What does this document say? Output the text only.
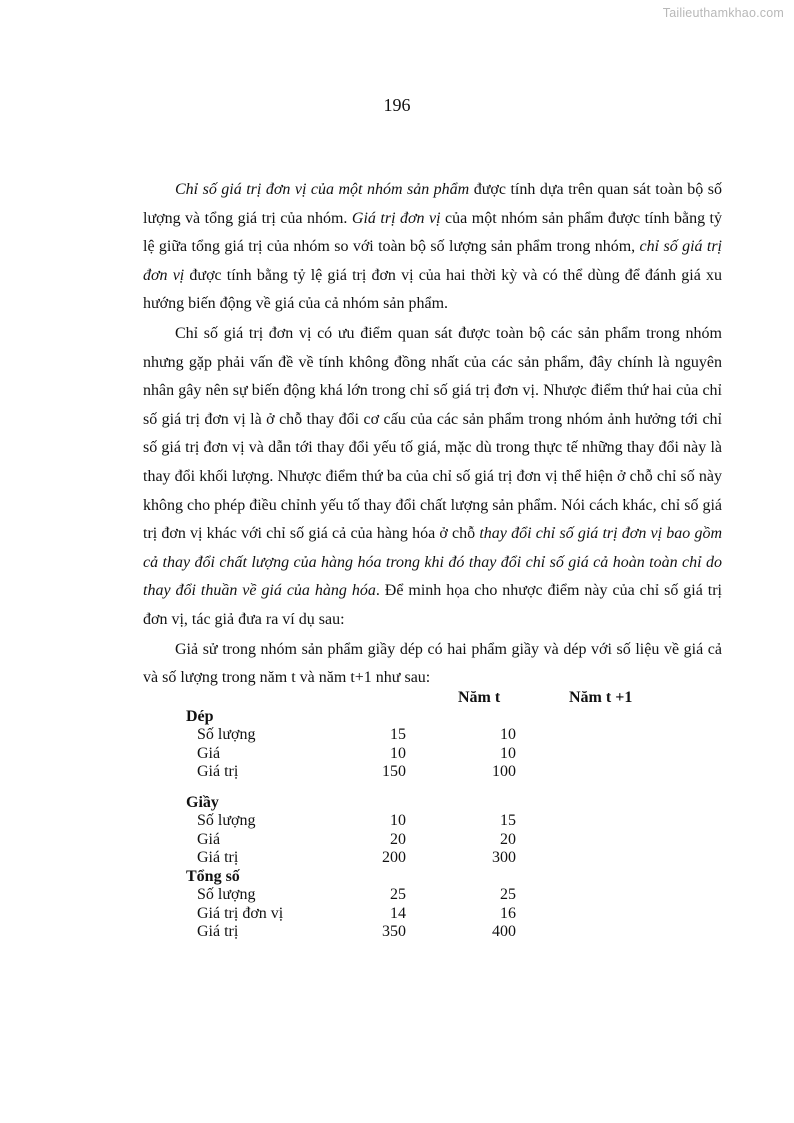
Tailieuthamkhao.com
196

Chỉ số giá trị đơn vị của một nhóm sản phẩm được tính dựa trên quan sát toàn bộ số lượng và tổng giá trị của nhóm. Giá trị đơn vị của một nhóm sản phẩm được tính bằng tỷ lệ giữa tổng giá trị của nhóm so với toàn bộ số lượng sản phẩm trong nhóm, chỉ số giá trị đơn vị được tính bằng tỷ lệ giá trị đơn vị của hai thời kỳ và có thể dùng để đánh giá xu hướng biến động về giá của cả nhóm sản phẩm.

Chỉ số giá trị đơn vị có ưu điểm quan sát được toàn bộ các sản phẩm trong nhóm nhưng gặp phải vấn đề về tính không đồng nhất của các sản phẩm, đây chính là nguyên nhân gây nên sự biến động khá lớn trong chỉ số giá trị đơn vị. Nhược điểm thứ hai của chỉ số giá trị đơn vị là ở chỗ thay đổi cơ cấu của các sản phẩm trong nhóm ảnh hưởng tới chỉ số giá trị đơn vị và dẫn tới thay đổi yếu tố giá, mặc dù trong thực tế những thay đổi này là thay đổi khối lượng. Nhược điểm thứ ba của chỉ số giá trị đơn vị thể hiện ở chỗ chỉ số này không cho phép điều chỉnh yếu tố thay đổi chất lượng sản phẩm. Nói cách khác, chỉ số giá trị đơn vị khác với chỉ số giá cả của hàng hóa ở chỗ thay đổi chỉ số giá trị đơn vị bao gồm cả thay đổi chất lượng của hàng hóa trong khi đó thay đổi chỉ số giá cả hoàn toàn chỉ do thay đổi thuần về giá của hàng hóa. Để minh họa cho nhược điểm này của chỉ số giá trị đơn vị, tác giả đưa ra ví dụ sau:

Giả sử trong nhóm sản phẩm giầy dép có hai phẩm giầy và dép với số liệu về giá cả và số lượng trong năm t và năm t+1 như sau:

Năm t	Năm t +1
Dép
Số lượng	15	10
Giá	10	10
Giá trị	150	100
Giầy
Số lượng	10	15
Giá	20	20
Giá trị	200	300
Tổng số
Số lượng	25	25
Giá trị đơn vị	14	16
Giá trị	350	400
